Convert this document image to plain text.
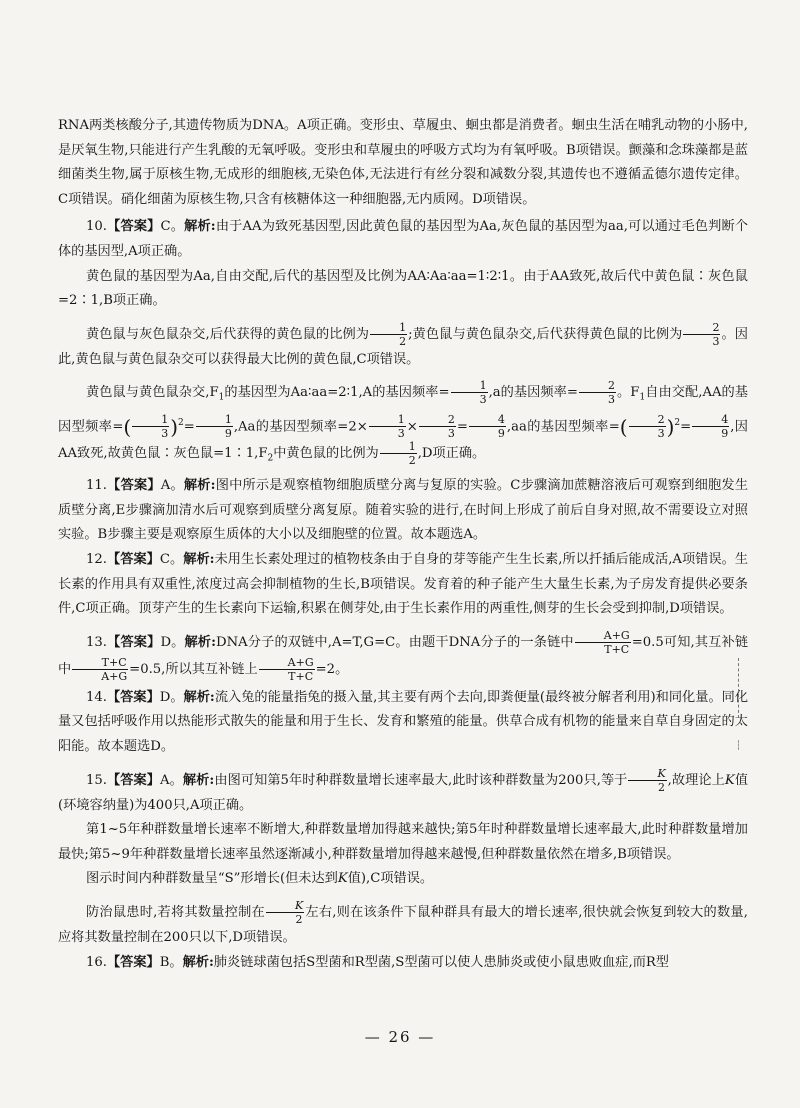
RNA两类核酸分子,其遗传物质为DNA。A项正确。变形虫、草履虫、蛔虫都是消费者。蛔虫生活在哺乳动物的小肠中,是厌氧生物,只能进行产生乳酸的无氧呼吸。变形虫和草履虫的呼吸方式均为有氧呼吸。B项错误。颤藻和念珠藻都是蓝细菌类生物,属于原核生物,无成形的细胞核,无染色体,无法进行有丝分裂和减数分裂,其遗传也不遵循孟德尔遗传定律。C项错误。硝化细菌为原核生物,只含有核糖体这一种细胞器,无内质网。D项错误。

10.【答案】C。解析:由于AA为致死基因型,因此黄色鼠的基因型为Aa,灰色鼠的基因型为aa,可以通过毛色判断个体的基因型,A项正确。

黄色鼠的基因型为Aa,自由交配,后代的基因型及比例为AA∶Aa∶aa=1∶2∶1。由于AA致死,故后代中黄色鼠∶灰色鼠=2∶1,B项正确。

黄色鼠与灰色鼠杂交,后代获得的黄色鼠的比例为 $\frac{1}{2}$ ;黄色鼠与黄色鼠杂交,后代获得黄色鼠的比例为 $\frac{2}{3}$ 。因此,黄色鼠与黄色鼠杂交可以获得最大比例的黄色鼠,C项错误。

黄色鼠与黄色鼠杂交$,F_1$的基因型为Aa∶aa=2∶1,A的基因频率= $\frac{1}{3} ,a$的基因频率= $\frac{2}{3}$ 。$F_1$自由交配,AA的基因型频率=( $\frac{1}{3} )^2= \frac{1}{9} ,Aa$的基因型频率$=2\times \frac{1}{3} \times \frac{2}{3} = \frac{4}{9} ,aa$的基因型频率=( $\frac{2}{3} )^2= \frac{4}{9}$ ,因AA致死,故黄色鼠∶灰色鼠$=1∶1,F_2$中黄色鼠的比例为 $\frac{1}{2} ,D$项正确。

11.【答案】A。解析:图中所示是观察植物细胞质壁分离与复原的实验。C步骤滴加蔗糖溶液后可观察到细胞发生质壁分离,E步骤滴加清水后可观察到质壁分离复原。随着实验的进行,在时间上形成了前后自身对照,故不需要设立对照实验。B步骤主要是观察原生质体的大小以及细胞壁的位置。故本题选A。

12.【答案】C。解析:未用生长素处理过的植物枝条由于自身的芽等能产生生长素,所以扦插后能成活,A项错误。生长素的作用具有双重性,浓度过高会抑制植物的生长,B项错误。发育着的种子能产生大量生长素,为子房发育提供必要条件,C项正确。顶芽产生的生长素向下运输,积累在侧芽处,由于生长素作用的两重性,侧芽的生长会受到抑制,D项错误。

13.【答案】D。解析:DNA分子的双链中,A=T,G=C。由题干DNA分子的一条链中 $\frac{A+G}{T+C} =0.5$可知,其互补链中 $\frac{T+C}{A+G} =0.5$,所以其互补链上 $\frac{A+G}{T+C} =2$。

14.【答案】D。解析:流入兔的能量指兔的摄入量,其主要有两个去向,即粪便量(最终被分解者利用)和同化量。同化量又包括呼吸作用以热能形式散失的能量和用于生长、发育和繁殖的能量。供草合成有机物的能量来自草自身固定的太阳能。故本题选D。

15.【答案】A。解析:由图可知第5年时种群数量增长速率最大,此时该种群数量为200只,等于 $\frac{K}{2}$ ,故理论上K值(环境容纳量)为400只,A项正确。

第1~5年种群数量增长速率不断增大,种群数量增加得越来越快;第5年时种群数量增长速率最大,此时种群数量增加最快;第5~9年种群数量增长速率虽然逐渐减小,种群数量增加得越来越慢,但种群数量依然在增多,B项错误。

图示时间内种群数量呈“S”形增长(但未达到K值),C项错误。

防治鼠患时,若将其数量控制在 $\frac{K}{2}$ 左右,则在该条件下鼠种群具有最大的增长速率,很快就会恢复到较大的数量,应将其数量控制在200只以下,D项错误。

16.【答案】B。解析:肺炎链球菌包括S型菌和R型菌,S型菌可以使人患肺炎或使小鼠患败血症,而R型

— 26 —
